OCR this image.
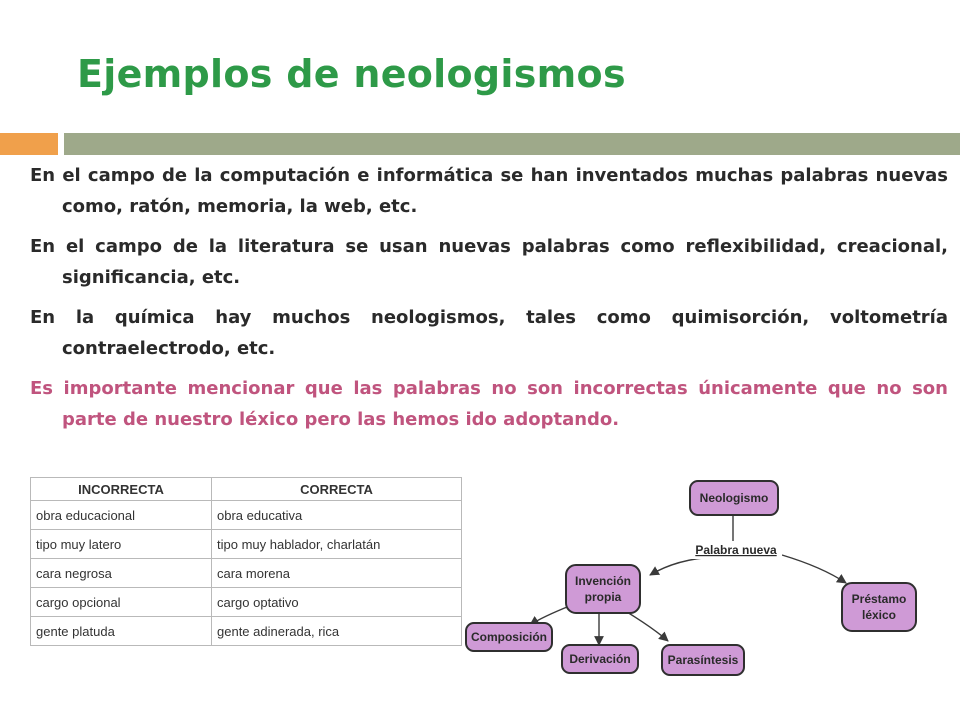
Ejemplos de neologismos

En el campo de la computación e informática se han inventados muchas palabras nuevas como, ratón, memoria, la web, etc.

En el campo de la literatura se usan nuevas palabras como reflexibilidad, creacional, significancia, etc.

En la química hay muchos neologismos, tales como quimisorción, voltometría contraelectrodo, etc.

Es importante mencionar que las palabras no son incorrectas únicamente que no son parte de nuestro léxico pero las hemos ido adoptando.

INCORRECTA	CORRECTA
obra educacional	obra educativa
tipo muy latero	tipo muy hablador, charlatán
cara negrosa	cara morena
cargo opcional	cargo optativo
gente platuda	gente adinerada, rica
Neologismo
Palabra nueva
Invención
propia	Préstamo
léxico
Composición
Derivación	Parasíntesis
